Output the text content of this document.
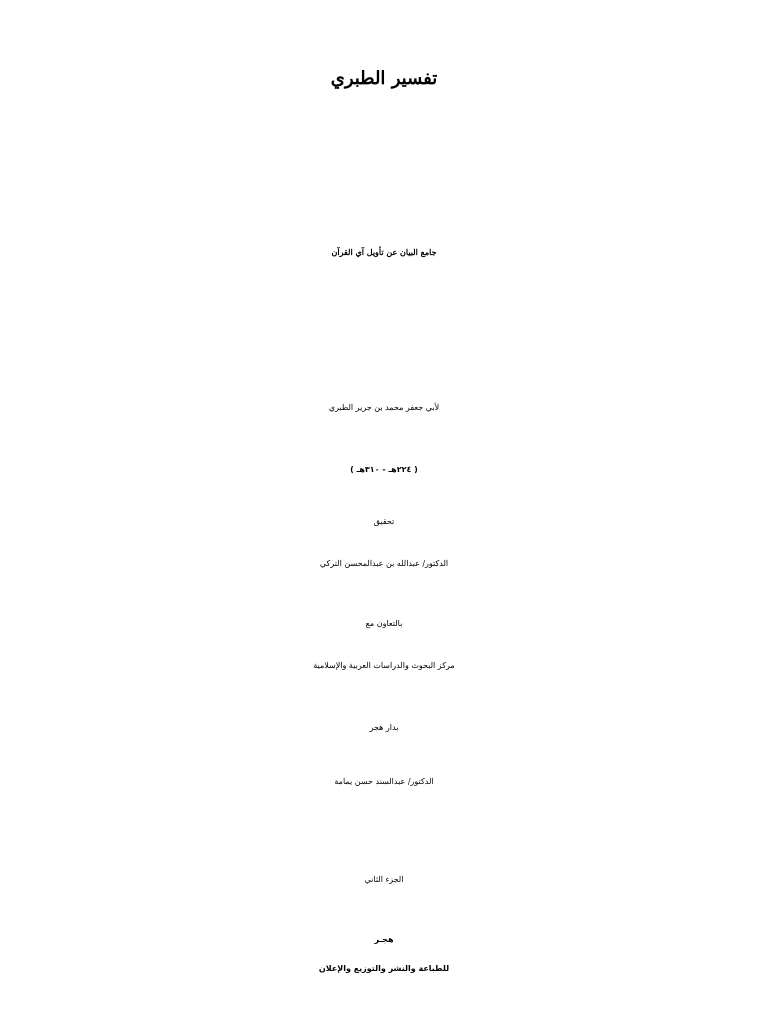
تفسير الطبري
جامع البيان عن تأويل آي القرآن
لأبي جعفر محمد بن جرير الطبري
( ٢٢٤هـ - ٣١٠هـ )
تحقيق
الدكتور/ عبدالله بن عبدالمحسن التركي
بالتعاون مع
مركز البحوث والدراسات العربية والإسلامية
بدار هجر
الدكتور/ عبدالسند حسن يمامة
الجزء الثاني
هجـر
للطباعة والنشر والتوزيع والإعلان
